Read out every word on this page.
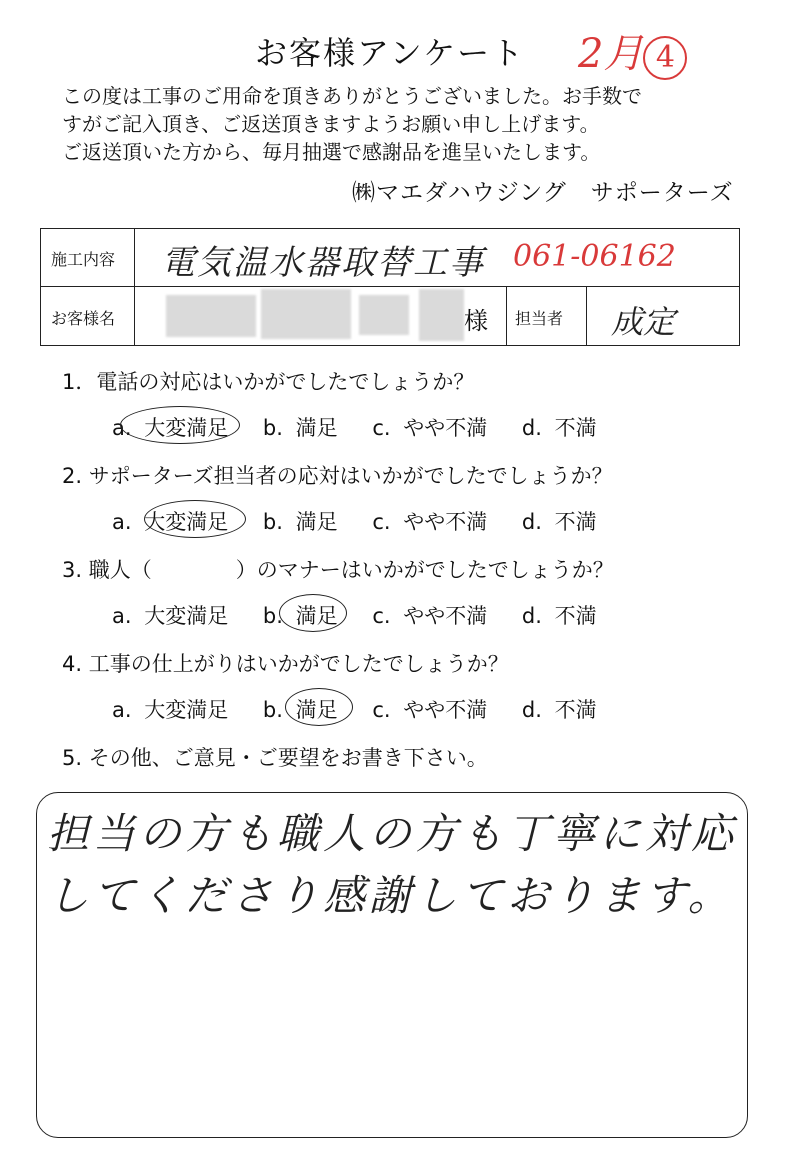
お客様アンケート 2月 4
この度は工事のご用命を頂きありがとうございました。お手数で
すがご記入頂き、ご返送頂きますようお願い申し上げます。
ご返送頂いた方から、毎月抽選で感謝品を進呈いたします。
㈱マエダハウジング　サポーターズ
施工内容 電気温水器取替工事 061-06162
お客様名	様 担当者 成定
1．電話の対応はいかがでしたでしょうか？
a. 大変満足 b. 満足 c. やや不満 d. 不満
2. サポーターズ担当者の応対はいかがでしたでしょうか？
a. 大変満足 b. 満足 c. やや不満 d. 不満
3. 職人（　　　　）のマナーはいかがでしたでしょうか？
a. 大変満足 b. 満足 c. やや不満 d. 不満
4. 工事の仕上がりはいかがでしたでしょうか？
a. 大変満足 b. 満足 c. やや不満 d. 不満
5. その他、ご意見・ご要望をお書き下さい。
担当の方も職人の方も丁寧に対応してくださり感謝しております。
